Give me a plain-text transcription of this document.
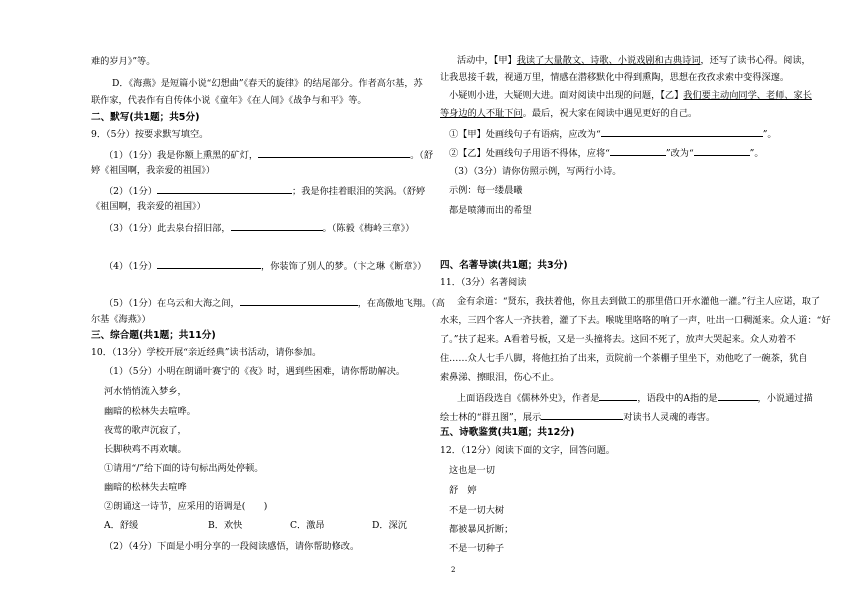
难的岁月》”等。
D．《海燕》是短篇小说“幻想曲”《春天的旋律》的结尾部分。作者高尔基，苏
联作家，代表作有自传体小说《童年》《在人间》《战争与和平》等。
二、默写(共1题；共5分)
9．（5分）按要求默写填空。
（1）（1分）我是你额上熏黑的矿灯，	。（舒
婷《祖国啊，我亲爱的祖国》）
（2）（1分）	；我是你挂着眼泪的笑涡。（舒婷
《祖国啊，我亲爱的祖国》）
（3）（1分）此去泉台招旧部，	。（陈毅《梅岭三章》）
（4）（1分）	，你装饰了别人的梦。（卞之琳《断章》）
（5）（1分）在乌云和大海之间，	，在高傲地飞翔。（高
尔基《海燕》）
三、综合题(共1题；共11分)
10．（13分）学校开展“亲近经典”读书活动，请你参加。
（1）（5分）小明在朗诵叶赛宁的《夜》时，遇到些困难，请你帮助解决。
河水悄悄流入梦乡，
幽暗的松林失去喧哗。
夜莺的歌声沉寂了，
长脚秧鸡不再欢嚷。
①请用“/”给下面的诗句标出两处停顿。
幽暗的松林失去喧哗
②朗诵这一诗节，应采用的语调是(　　)
A．舒缓	B．欢快	C．激昂	D．深沉
（2）（4分）下面是小明分享的一段阅读感悟，请你帮助修改。
活动中，【甲】我读了大量散文、诗歌、小说戏剧和古典诗词，还写了读书心得。阅读，
让我思接千载，视通万里，情感在潜移默化中得到熏陶，思想在孜孜求索中变得深邃。
小疑则小进，大疑则大进。面对阅读中出现的问题，【乙】我们要主动向同学、老师、家长
等身边的人不耻下问。最后，祝大家在阅读中遇见更好的自己。
①【甲】处画线句子有语病，应改为“	”。
②【乙】处画线句子用语不得体，应将“	”改为“	”。
（3）（3分）请你仿照示例，写两行小诗。
示例：每一缕晨曦
都是喷薄而出的希望
四、名著导读(共1题；共3分)
11．（3分）名著阅读
金有余道：“贤东，我扶着他，你且去到做工的那里借口开水灌他一灌。”行主人应诺，取了
水来，三四个客人一齐扶着，灌了下去。喉咙里咯咯的响了一声，吐出一口稠涎来。众人道：“好
了。”扶了起来。A看着号板，又是一头撞将去。这回不死了，放声大哭起来。众人劝着不
住……众人七手八脚，将他扛抬了出来，贡院前一个茶棚子里坐下，劝他吃了一碗茶，犹自
索鼻涕、擦眼泪，伤心不止。
上面语段选自《儒林外史》，作者是	，语段中的A指的是	，小说通过描
绘士林的“群丑图”，展示	对读书人灵魂的毒害。
五、诗歌鉴赏(共1题；共12分)
12．（12分）阅读下面的文字，回答问题。
这也是一切
舒　婷
不是一切大树
都被暴风折断；
不是一切种子
2
